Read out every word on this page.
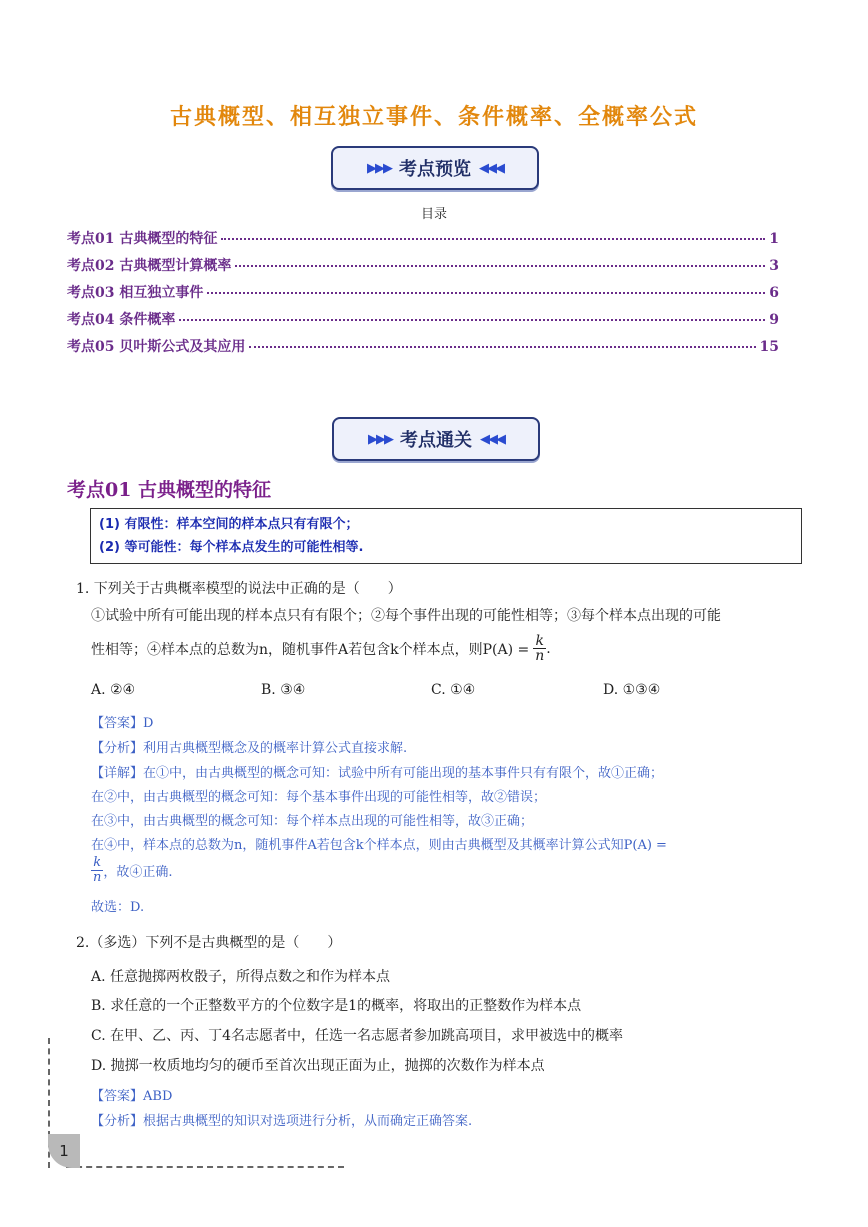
古典概型、相互独立事件、条件概率、全概率公式
▶▶▶ 考点预览 ◀◀◀
目录
考点01 古典概型的特征	1
考点02 古典概型计算概率	3
考点03 相互独立事件	6
考点04 条件概率	9
考点05 贝叶斯公式及其应用	15
▶▶▶ 考点通关 ◀◀◀
考点01 古典概型的特征
(1) 有限性：样本空间的样本点只有有限个；
(2) 等可能性：每个样本点发生的可能性相等.
1. 下列关于古典概率模型的说法中正确的是（　　）
①试验中所有可能出现的样本点只有有限个；②每个事件出现的可能性相等；③每个样本点出现的可能
性相等；④样本点的总数为n，随机事件A若包含k个样本点，则$P(A) = \frac{k}{n}$ .
A. ②④	B. ③④	C. ①④	D. ①③④
【答案】D
【分析】利用古典概型概念及的概率计算公式直接求解.
【详解】在①中，由古典概型的概念可知：试验中所有可能出现的基本事件只有有限个，故①正确；
在②中，由古典概型的概念可知：每个基本事件出现的可能性相等，故②错误；
在③中，由古典概型的概念可知：每个样本点出现的可能性相等，故③正确；
在④中，样本点的总数为n，随机事件A若包含k个样本点，则由古典概型及其概率计算公式知P(A) =
$\frac{k}{n}$ ，故④正确.
故选：D.
2.（多选）下列不是古典概型的是（　　）
A. 任意抛掷两枚骰子，所得点数之和作为样本点
B. 求任意的一个正整数平方的个位数字是1的概率，将取出的正整数作为样本点
C. 在甲、乙、丙、丁4名志愿者中，任选一名志愿者参加跳高项目，求甲被选中的概率
D. 抛掷一枚质地均匀的硬币至首次出现正面为止，抛掷的次数作为样本点
【答案】ABD
【分析】根据古典概型的知识对选项进行分析，从而确定正确答案.
1
